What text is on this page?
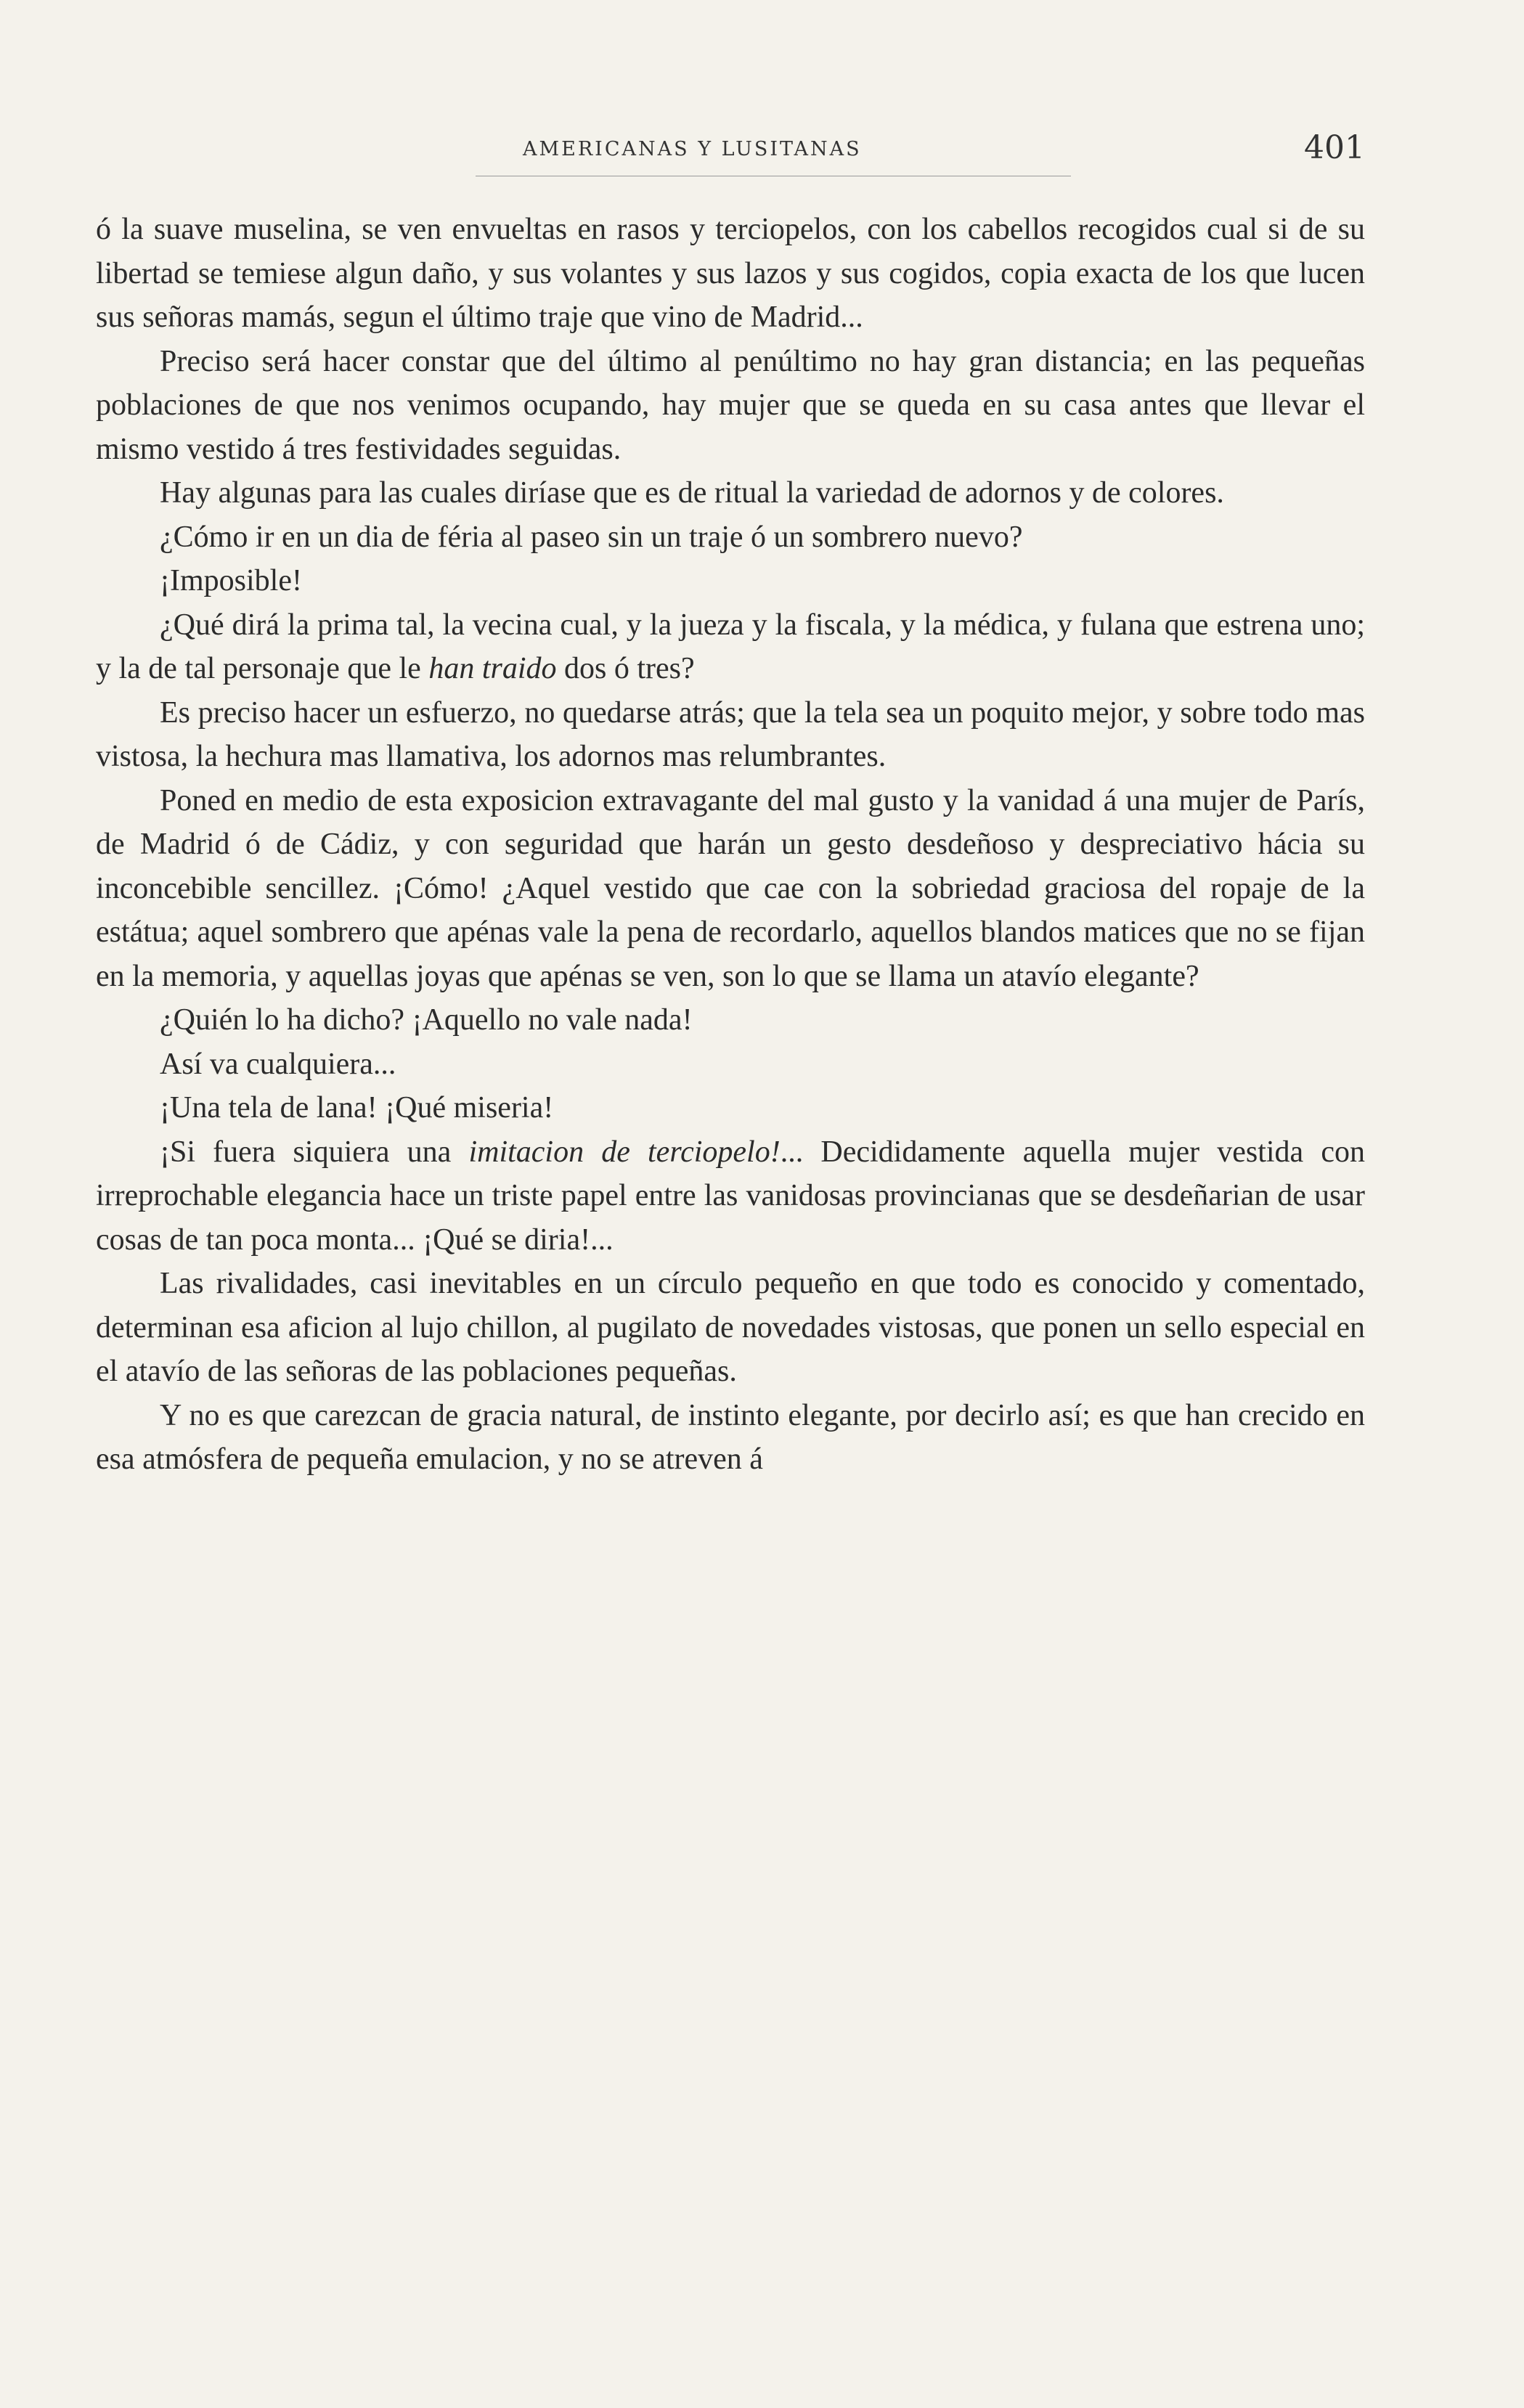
AMERICANAS Y LUSITANAS	401

ó la suave muselina, se ven envueltas en rasos y terciopelos, con los cabellos recogidos cual si de su libertad se temiese algun daño, y sus volantes y sus lazos y sus cogidos, copia exacta de los que lucen sus señoras mamás, segun el último traje que vino de Madrid...

Preciso será hacer constar que del último al penúltimo no hay gran distancia; en las pequeñas poblaciones de que nos venimos ocupando, hay mujer que se queda en su casa antes que llevar el mismo vestido á tres festividades seguidas.

Hay algunas para las cuales diríase que es de ritual la variedad de adornos y de colores.

¿Cómo ir en un dia de féria al paseo sin un traje ó un sombrero nuevo?

¡Imposible!

¿Qué dirá la prima tal, la vecina cual, y la jueza y la fiscala, y la médica, y fulana que estrena uno; y la de tal personaje que le han traido dos ó tres?

Es preciso hacer un esfuerzo, no quedarse atrás; que la tela sea un poquito mejor, y sobre todo mas vistosa, la hechura mas llamativa, los adornos mas relumbrantes.

Poned en medio de esta exposicion extravagante del mal gusto y la vanidad á una mujer de París, de Madrid ó de Cádiz, y con seguridad que harán un gesto desdeñoso y despreciativo hácia su inconcebible sencillez. ¡Cómo! ¿Aquel vestido que cae con la sobriedad graciosa del ropaje de la estátua; aquel sombrero que apénas vale la pena de recordarlo, aquellos blandos matices que no se fijan en la memoria, y aquellas joyas que apénas se ven, son lo que se llama un atavío elegante?

¿Quién lo ha dicho? ¡Aquello no vale nada!

Así va cualquiera...

¡Una tela de lana! ¡Qué miseria!

¡Si fuera siquiera una imitacion de terciopelo!... Decididamente aquella mujer vestida con irreprochable elegancia hace un triste papel entre las vanidosas provincianas que se desdeñarian de usar cosas de tan poca monta... ¡Qué se diria!...

Las rivalidades, casi inevitables en un círculo pequeño en que todo es conocido y comentado, determinan esa aficion al lujo chillon, al pugilato de novedades vistosas, que ponen un sello especial en el atavío de las señoras de las poblaciones pequeñas.

Y no es que carezcan de gracia natural, de instinto elegante, por decirlo así; es que han crecido en esa atmósfera de pequeña emulacion, y no se atreven á
